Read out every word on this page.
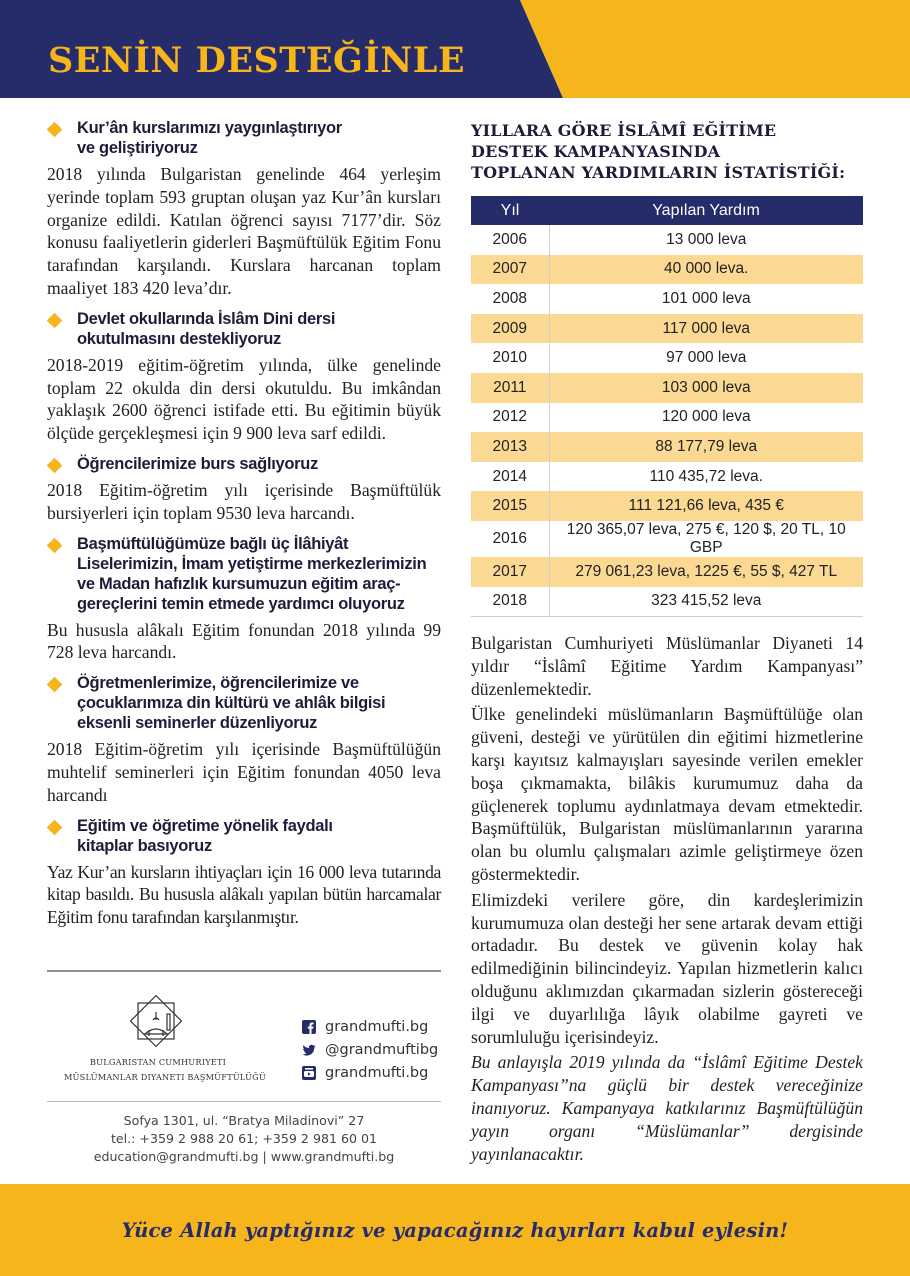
SENİN DESTEĞİNLE
Kur’ân kurslarımızı yaygınlaştırıyor
ve geliştiriyoruz
2018 yılında Bulgaristan genelinde 464 yerleşim yerinde toplam 593 gruptan oluşan yaz Kur’ân kursları organize edildi. Katılan öğrenci sayısı 7177’dir. Söz konusu faaliyetlerin giderleri Başmüftülük Eğitim Fonu tarafından karşılandı. Kurslara harcanan toplam maaliyet 183 420 leva’dır.
Devlet okullarında İslâm Dini dersi
okutulmasını destekliyoruz
2018-2019 eğitim-öğretim yılında, ülke genelinde toplam 22 okulda din dersi okutuldu. Bu imkândan yaklaşık 2600 öğrenci istifade etti. Bu eğitimin büyük ölçüde gerçekleşmesi için 9 900 leva sarf edildi.
Öğrencilerimize burs sağlıyoruz
2018 Eğitim-öğretim yılı içerisinde Başmüftülük bursiyerleri için toplam 9530 leva harcandı.
Başmüftülüğümüze bağlı üç İlâhiyât
Liselerimizin, İmam yetiştirme merkezlerimizin
ve Madan hafızlık kursumuzun eğitim araç-
gereçlerini temin etmede yardımcı oluyoruz
Bu hususla alâkalı Eğitim fonundan 2018 yılında 99 728 leva harcandı.
Öğretmenlerimize, öğrencilerimize ve
çocuklarımıza din kültürü ve ahlâk bilgisi
eksenli seminerler düzenliyoruz
2018 Eğitim-öğretim yılı içerisinde Başmüftülüğün muhtelif seminerleri için Eğitim fonundan 4050 leva harcandı
Eğitim ve öğretime yönelik faydalı
kitaplar basıyoruz
Yaz Kur’an kursların ihtiyaçları için 16 000 leva tutarında kitap basıldı. Bu hususla alâkalı yapılan bütün harcamalar Eğitim fonu tarafından karşılanmıştır.
BULGARISTAN CUMHURIYETI
MÜSLÜMANLAR DIYANETI BAŞMÜFTÜLÜĞÜ
grandmufti.bg
@grandmuftibg
grandmufti.bg
Sofya 1301, ul. “Bratya Miladinovi” 27
tel.: +359 2 988 20 61; +359 2 981 60 01
education@grandmufti.bg | www.grandmufti.bg
YILLARA GÖRE İSLÂMÎ EĞİTİME
DESTEK KAMPANYASINDA
TOPLANAN YARDIMLARIN İSTATİSTİĞİ:
Yıl	Yapılan Yardım
2006	13 000 leva
2007	40 000 leva.
2008	101 000 leva
2009	117 000 leva
2010	97 000 leva
2011	103 000 leva
2012	120 000 leva
2013	88 177,79 leva
2014	110 435,72 leva.
2015	111 121,66 leva, 435 €
2016	120 365,07 leva, 275 €, 120 $, 20 TL, 10 GBP
2017	279 061,23 leva, 1225 €, 55 $, 427 TL
2018	323 415,52 leva

Bulgaristan Cumhuriyeti Müslümanlar Diyaneti 14 yıldır “İslâmî Eğitime Yardım Kampanyası” düzenlemektedir.

Ülke genelindeki müslümanların Başmüftülüğe olan güveni, desteği ve yürütülen din eğitimi hizmetlerine karşı kayıtsız kalmayışları sayesinde verilen emekler boşa çıkmamakta, bilâkis kurumumuz daha da güçlenerek toplumu aydınlatmaya devam etmektedir. Başmüftülük, Bulgaristan müslümanlarının yararına olan bu olumlu çalışmaları azimle geliştirmeye özen göstermektedir.

Elimizdeki verilere göre, din kardeşlerimizin kurumumuza olan desteği her sene artarak devam ettiği ortadadır. Bu destek ve güvenin kolay hak edilmediğinin bilincindeyiz. Yapılan hizmetlerin kalıcı olduğunu aklımızdan çıkarmadan sizlerin göstereceği ilgi ve duyarlılığa lâyık olabilme gayreti ve sorumluluğu içerisindeyiz.

Bu anlayışla 2019 yılında da “İslâmî Eğitime Destek Kampanyası”na güçlü bir destek vereceğinize inanıyoruz. Kampanyaya katkılarınız Başmüftülüğün yayın organı “Müslümanlar” dergisinde yayınlanacaktır.

Yüce Allah yaptığınız ve yapacağınız hayırları kabul eylesin!
